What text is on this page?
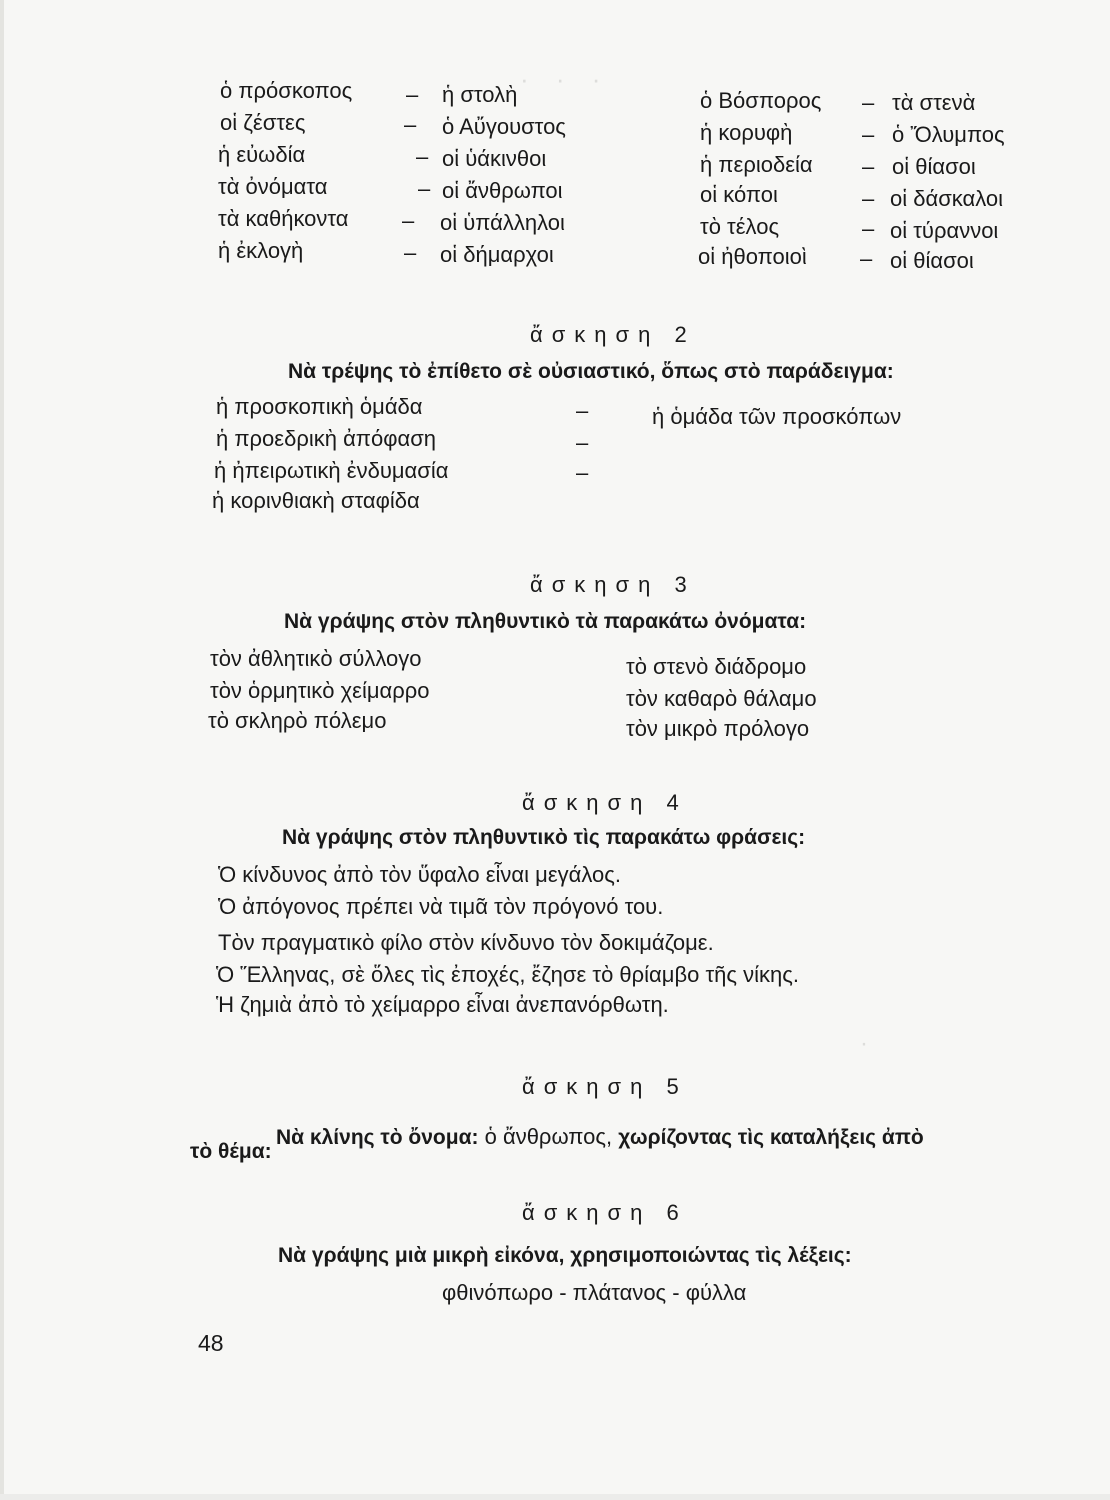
· · ·
·
ὁ πρόσκοπος
οἱ ζέστες
ἡ εὐωδία
τὰ ὀνόματα
τὰ καθήκοντα
ἡ ἐκλογὴ
–
–
–
–
–
–
ἡ στολὴ
ὁ Αὔγουστος
οἱ ὑάκινθοι
οἱ ἄνθρωποι
οἱ ὑπάλληλοι
οἱ δήμαρχοι
ὁ Βόσπορος
ἡ κορυφὴ
ἡ περιοδεία
οἱ κόποι
τὸ τέλος
οἱ ἠθοποιοὶ
–
–
–
–
–
–
τὰ στενὰ
ὁ Ὄλυμπος
οἱ θίασοι
οἱ δάσκαλοι
οἱ τύραννοι
οἱ θίασοι
ἄσκηση 2
Νὰ τρέψης τὸ ἐπίθετο σὲ οὐσιαστικό, ὅπως στὸ παράδειγμα:
ἡ προσκοπικὴ ὁμάδα
ἡ προεδρικὴ ἀπόφαση
ἡ ἠπειρωτικὴ ἐνδυμασία
ἡ κορινθιακὴ σταφίδα
–
–
–
ἡ ὁμάδα τῶν προσκόπων
ἄσκηση 3
Νὰ γράψης στὸν πληθυντικὸ τὰ παρακάτω ὀνόματα:
τὸν ἀθλητικὸ σύλλογο
τὸν ὁρμητικὸ χείμαρρο
τὸ σκληρὸ πόλεμο
τὸ στενὸ διάδρομο
τὸν καθαρὸ θάλαμο
τὸν μικρὸ πρόλογο
ἄσκηση 4
Νὰ γράψης στὸν πληθυντικὸ τὶς παρακάτω φράσεις:
Ὁ κίνδυνος ἀπὸ τὸν ὕφαλο εἶναι μεγάλος.
Ὁ ἀπόγονος πρέπει νὰ τιμᾶ τὸν πρόγονό του.
Τὸν πραγματικὸ φίλο στὸν κίνδυνο τὸν δοκιμάζομε.
Ὁ Ἕλληνας, σὲ ὅλες τὶς ἐποχές, ἔζησε τὸ θρίαμβο τῆς νίκης.
Ἡ ζημιὰ ἀπὸ τὸ χείμαρρο εἶναι ἀνεπανόρθωτη.
ἄσκηση 5
Νὰ κλίνης τὸ ὄνομα: ὁ ἄνθρωπος, χωρίζοντας τὶς καταλήξεις ἀπὸ
τὸ θέμα:
ἄσκηση 6
Νὰ γράψης μιὰ μικρὴ εἰκόνα, χρησιμοποιώντας τὶς λέξεις:
φθινόπωρο - πλάτανος - φύλλα
48
